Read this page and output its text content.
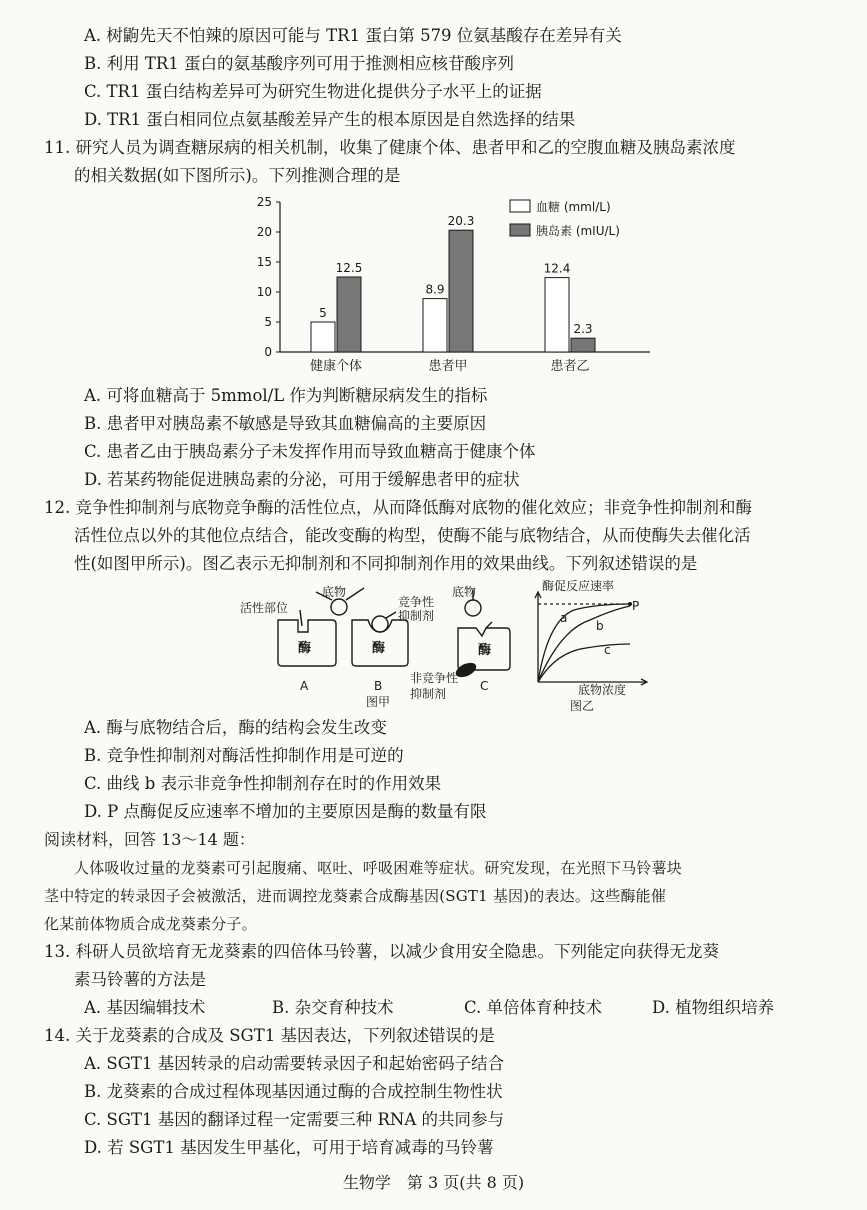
A. 树鼩先天不怕辣的原因可能与 TR1 蛋白第 579 位氨基酸存在差异有关
B. 利用 TR1 蛋白的氨基酸序列可用于推测相应核苷酸序列
C. TR1 蛋白结构差异可为研究生物进化提供分子水平上的证据
D. TR1 蛋白相同位点氨基酸差异产生的根本原因是自然选择的结果
11. 研究人员为调查糖尿病的相关机制，收集了健康个体、患者甲和乙的空腹血糖及胰岛素浓度
的相关数据(如下图所示)。下列推测合理的是
0
5
10
15
20
25
健康个体
5
12.5
患者甲
8.9
20.3
患者乙
12.4
2.3
血糖 (mml/L)
胰岛素 (mIU/L)
A. 可将血糖高于 5mmol/L 作为判断糖尿病发生的指标
B. 患者甲对胰岛素不敏感是导致其血糖偏高的主要原因
C. 患者乙由于胰岛素分子未发挥作用而导致血糖高于健康个体
D. 若某药物能促进胰岛素的分泌，可用于缓解患者甲的症状
12. 竞争性抑制剂与底物竞争酶的活性位点，从而降低酶对底物的催化效应；非竞争性抑制剂和酶
活性位点以外的其他位点结合，能改变酶的构型，使酶不能与底物结合，从而使酶失去催化活
性(如图甲所示)。图乙表示无抑制剂和不同抑制剂作用的效果曲线。下列叙述错误的是
活性部位
底物
竞争性
抑制剂
底物
酶	酶	酶
A	B	C
非竞争性
抑制剂
图甲
酶促反应速率
a
b
c
P
底物浓度
图乙
A. 酶与底物结合后，酶的结构会发生改变
B. 竞争性抑制剂对酶活性抑制作用是可逆的
C. 曲线 b 表示非竞争性抑制剂存在时的作用效果
D. P 点酶促反应速率不增加的主要原因是酶的数量有限
阅读材料，回答 13～14 题：
人体吸收过量的龙葵素可引起腹痛、呕吐、呼吸困难等症状。研究发现，在光照下马铃薯块
茎中特定的转录因子会被激活，进而调控龙葵素合成酶基因(SGT1 基因)的表达。这些酶能催
化某前体物质合成龙葵素分子。
13. 科研人员欲培育无龙葵素的四倍体马铃薯，以减少食用安全隐患。下列能定向获得无龙葵
素马铃薯的方法是
A. 基因编辑技术	B. 杂交育种技术	C. 单倍体育种技术	D. 植物组织培养
14. 关于龙葵素的合成及 SGT1 基因表达，下列叙述错误的是
A. SGT1 基因转录的启动需要转录因子和起始密码子结合
B. 龙葵素的合成过程体现基因通过酶的合成控制生物性状
C. SGT1 基因的翻译过程一定需要三种 RNA 的共同参与
D. 若 SGT1 基因发生甲基化，可用于培育减毒的马铃薯
生物学　第 3 页(共 8 页)
